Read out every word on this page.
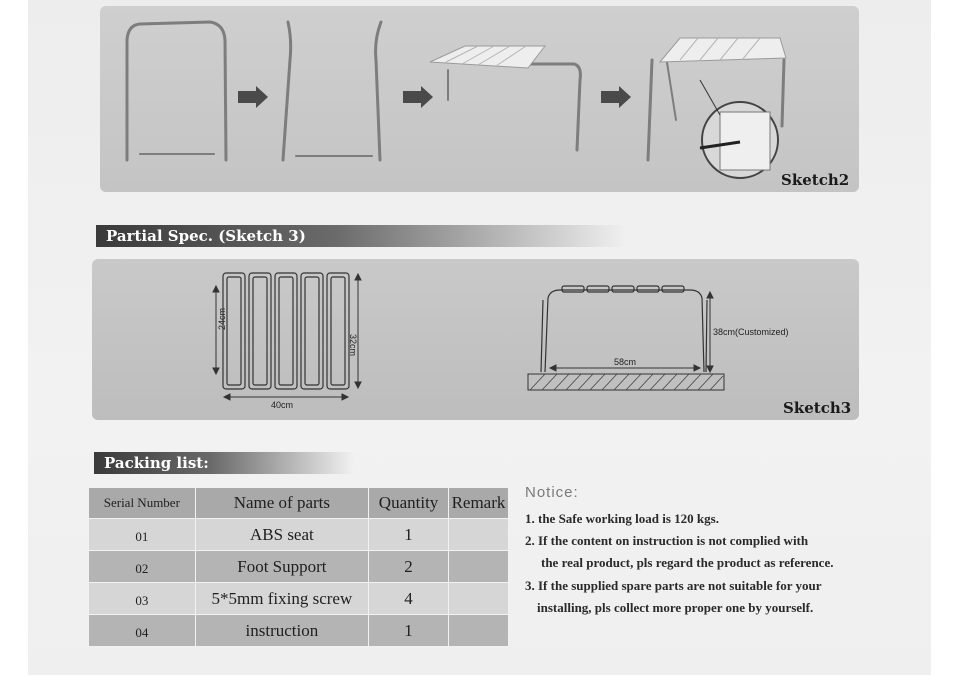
Sketch2
Partial Spec. (Sketch 3)
24cm
32cm
40cm
38cm(Customized)
58cm
Sketch3
Packing list:
Serial Number	Name of parts	Quantity	Remark
01	ABS seat	1	
02	Foot Support	2	
03	5*5mm fixing screw	4	
04	instruction	1	
Notice:
1. the Safe working load is 120 kgs.
2. If the content on instruction is not complied with
the real product, pls regard the product as reference.
3. If the supplied spare parts are not suitable for your
installing, pls collect more proper one by yourself.
